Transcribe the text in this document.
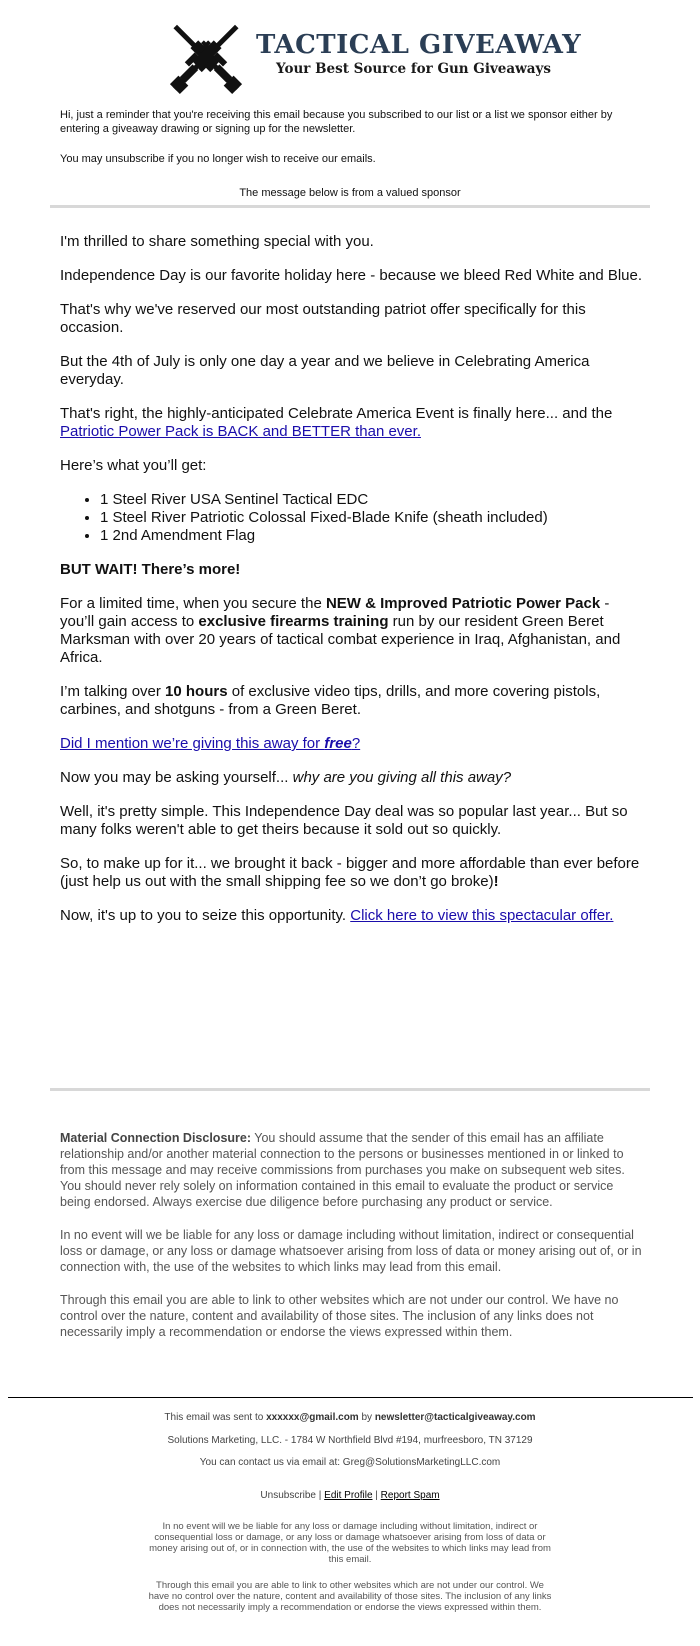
TACTICAL GIVEAWAY
Your Best Source for Gun Giveaways

Hi, just a reminder that you're receiving this email because you subscribed to our list or a list we sponsor either by entering a giveaway drawing or signing up for the newsletter.

You may unsubscribe if you no longer wish to receive our emails.

The message below is from a valued sponsor

I'm thrilled to share something special with you.

Independence Day is our favorite holiday here - because we bleed Red White and Blue.

That's why we've reserved our most outstanding patriot offer specifically for this occasion.

But the 4th of July is only one day a year and we believe in Celebrating America everyday.

That's right, the highly-anticipated Celebrate America Event is finally here... and the Patriotic Power Pack is BACK and BETTER than ever.

Here’s what you’ll get:

• 1 Steel River USA Sentinel Tactical EDC
• 1 Steel River Patriotic Colossal Fixed-Blade Knife (sheath included)
• 1 2nd Amendment Flag

BUT WAIT! There’s more!

For a limited time, when you secure the NEW & Improved Patriotic Power Pack - you’ll gain access to exclusive firearms training run by our resident Green Beret Marksman with over 20 years of tactical combat experience in Iraq, Afghanistan, and Africa.

I’m talking over 10 hours of exclusive video tips, drills, and more covering pistols, carbines, and shotguns - from a Green Beret.

Did I mention we’re giving this away for free?

Now you may be asking yourself... why are you giving all this away?

Well, it's pretty simple. This Independence Day deal was so popular last year... But so many folks weren't able to get theirs because it sold out so quickly.

So, to make up for it... we brought it back - bigger and more affordable than ever before (just help us out with the small shipping fee so we don’t go broke)!

Now, it's up to you to seize this opportunity. Click here to view this spectacular offer.

Material Connection Disclosure: You should assume that the sender of this email has an affiliate relationship and/or another material connection to the persons or businesses mentioned in or linked to from this message and may receive commissions from purchases you make on subsequent web sites. You should never rely solely on information contained in this email to evaluate the product or service being endorsed. Always exercise due diligence before purchasing any product or service.

In no event will we be liable for any loss or damage including without limitation, indirect or consequential loss or damage, or any loss or damage whatsoever arising from loss of data or money arising out of, or in connection with, the use of the websites to which links may lead from this email.

Through this email you are able to link to other websites which are not under our control. We have no control over the nature, content and availability of those sites. The inclusion of any links does not necessarily imply a recommendation or endorse the views expressed within them.

This email was sent to xxxxxx@gmail.com by newsletter@tacticalgiveaway.com
Solutions Marketing, LLC. - 1784 W Northfield Blvd #194, murfreesboro, TN 37129
You can contact us via email at: Greg@SolutionsMarketingLLC.com
Unsubscribe | Edit Profile | Report Spam

In no event will we be liable for any loss or damage including without limitation, indirect or consequential loss or damage, or any loss or damage whatsoever arising from loss of data or money arising out of, or in connection with, the use of the websites to which links may lead from this email.

Through this email you are able to link to other websites which are not under our control. We have no control over the nature, content and availability of those sites. The inclusion of any links does not necessarily imply a recommendation or endorse the views expressed within them.
